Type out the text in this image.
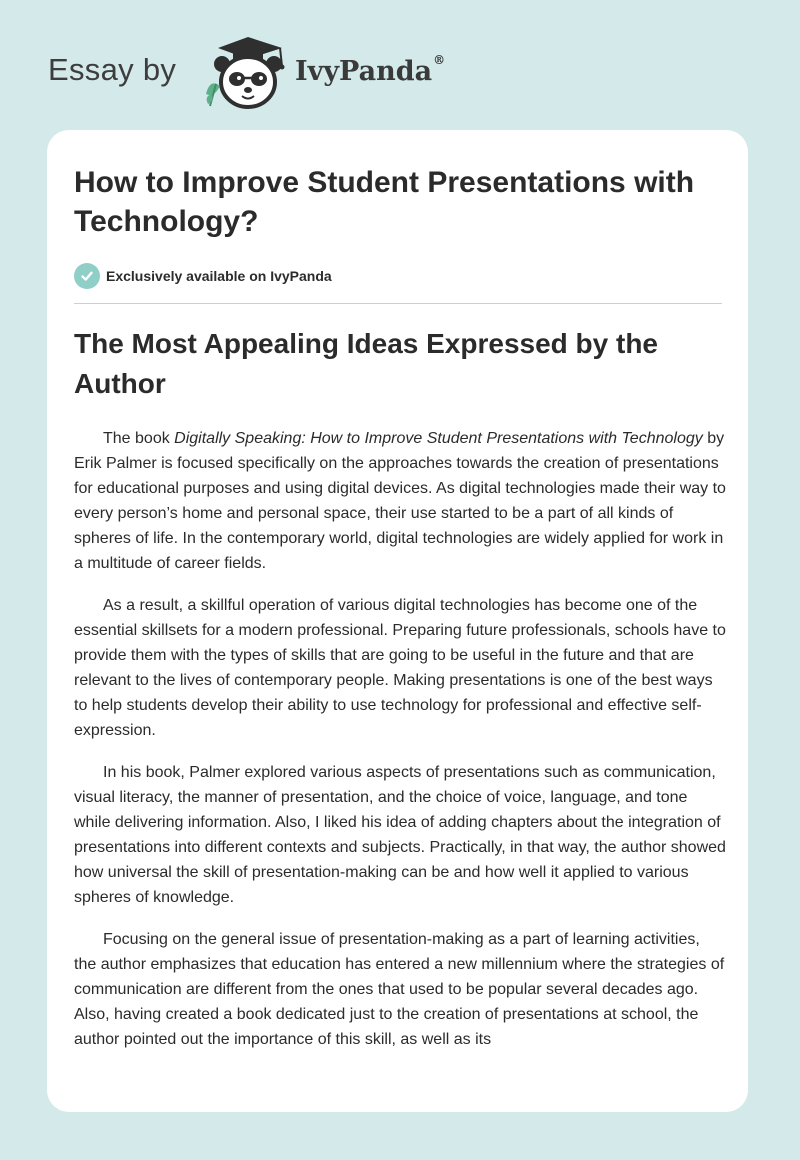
Essay by	IvyPanda®
How to Improve Student Presentations with Technology?
Exclusively available on IvyPanda
The Most Appealing Ideas Expressed by the Author

The book Digitally Speaking: How to Improve Student Presentations with Technology by Erik Palmer is focused specifically on the approaches towards the creation of presentations for educational purposes and using digital devices. As digital technologies made their way to every person’s home and personal space, their use started to be a part of all kinds of spheres of life. In the contemporary world, digital technologies are widely applied for work in a multitude of career fields.

As a result, a skillful operation of various digital technologies has become one of the essential skillsets for a modern professional. Preparing future professionals, schools have to provide them with the types of skills that are going to be useful in the future and that are relevant to the lives of contemporary people. Making presentations is one of the best ways to help students develop their ability to use technology for professional and effective self-expression.

In his book, Palmer explored various aspects of presentations such as communication, visual literacy, the manner of presentation, and the choice of voice, language, and tone while delivering information. Also, I liked his idea of adding chapters about the integration of presentations into different contexts and subjects. Practically, in that way, the author showed how universal the skill of presentation-making can be and how well it applied to various spheres of knowledge.

Focusing on the general issue of presentation-making as a part of learning activities, the author emphasizes that education has entered a new millennium where the strategies of communication are different from the ones that used to be popular several decades ago. Also, having created a book dedicated just to the creation of presentations at school, the author pointed out the importance of this skill, as well as its
